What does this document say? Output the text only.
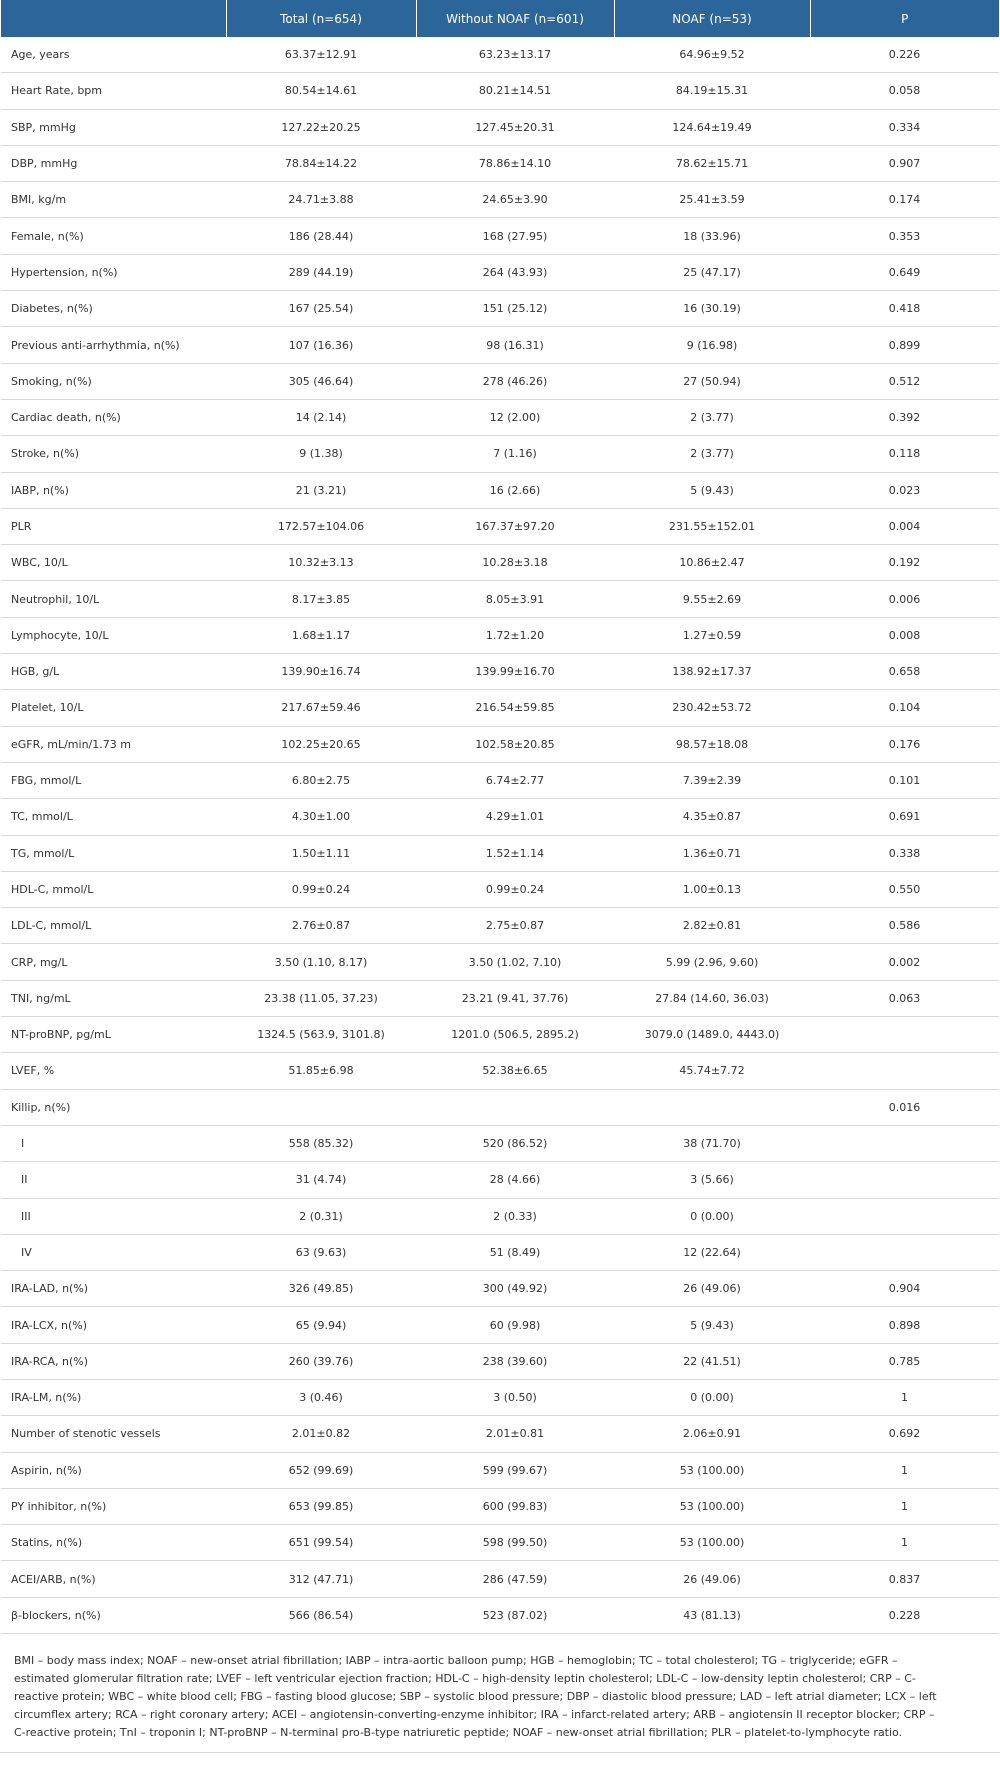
	Total (n=654)	Without NOAF (n=601)	NOAF (n=53)	P
Age, years	63.37±12.91	63.23±13.17	64.96±9.52	0.226
Heart Rate, bpm	80.54±14.61	80.21±14.51	84.19±15.31	0.058
SBP, mmHg	127.22±20.25	127.45±20.31	124.64±19.49	0.334
DBP, mmHg	78.84±14.22	78.86±14.10	78.62±15.71	0.907
BMI, kg/m	24.71±3.88	24.65±3.90	25.41±3.59	0.174
Female, n(%)	186 (28.44)	168 (27.95)	18 (33.96)	0.353
Hypertension, n(%)	289 (44.19)	264 (43.93)	25 (47.17)	0.649
Diabetes, n(%)	167 (25.54)	151 (25.12)	16 (30.19)	0.418
Previous anti-arrhythmia, n(%)	107 (16.36)	98 (16.31)	9 (16.98)	0.899
Smoking, n(%)	305 (46.64)	278 (46.26)	27 (50.94)	0.512
Cardiac death, n(%)	14 (2.14)	12 (2.00)	2 (3.77)	0.392
Stroke, n(%)	9 (1.38)	7 (1.16)	2 (3.77)	0.118
IABP, n(%)	21 (3.21)	16 (2.66)	5 (9.43)	0.023
PLR	172.57±104.06	167.37±97.20	231.55±152.01	0.004
WBC, 10/L	10.32±3.13	10.28±3.18	10.86±2.47	0.192
Neutrophil, 10/L	8.17±3.85	8.05±3.91	9.55±2.69	0.006
Lymphocyte, 10/L	1.68±1.17	1.72±1.20	1.27±0.59	0.008
HGB, g/L	139.90±16.74	139.99±16.70	138.92±17.37	0.658
Platelet, 10/L	217.67±59.46	216.54±59.85	230.42±53.72	0.104
eGFR, mL/min/1.73 m	102.25±20.65	102.58±20.85	98.57±18.08	0.176
FBG, mmol/L	6.80±2.75	6.74±2.77	7.39±2.39	0.101
TC, mmol/L	4.30±1.00	4.29±1.01	4.35±0.87	0.691
TG, mmol/L	1.50±1.11	1.52±1.14	1.36±0.71	0.338
HDL-C, mmol/L	0.99±0.24	0.99±0.24	1.00±0.13	0.550
LDL-C, mmol/L	2.76±0.87	2.75±0.87	2.82±0.81	0.586
CRP, mg/L	3.50 (1.10, 8.17)	3.50 (1.02, 7.10)	5.99 (2.96, 9.60)	0.002
TNI, ng/mL	23.38 (11.05, 37.23)	23.21 (9.41, 37.76)	27.84 (14.60, 36.03)	0.063
NT-proBNP, pg/mL	1324.5 (563.9, 3101.8)	1201.0 (506.5, 2895.2)	3079.0 (1489.0, 4443.0)	
LVEF, %	51.85±6.98	52.38±6.65	45.74±7.72	
Killip, n(%)				0.016
I	558 (85.32)	520 (86.52)	38 (71.70)	
II	31 (4.74)	28 (4.66)	3 (5.66)	
III	2 (0.31)	2 (0.33)	0 (0.00)	
IV	63 (9.63)	51 (8.49)	12 (22.64)	
IRA-LAD, n(%)	326 (49.85)	300 (49.92)	26 (49.06)	0.904
IRA-LCX, n(%)	65 (9.94)	60 (9.98)	5 (9.43)	0.898
IRA-RCA, n(%)	260 (39.76)	238 (39.60)	22 (41.51)	0.785
IRA-LM, n(%)	3 (0.46)	3 (0.50)	0 (0.00)	1
Number of stenotic vessels	2.01±0.82	2.01±0.81	2.06±0.91	0.692
Aspirin, n(%)	652 (99.69)	599 (99.67)	53 (100.00)	1
PY inhibitor, n(%)	653 (99.85)	600 (99.83)	53 (100.00)	1
Statins, n(%)	651 (99.54)	598 (99.50)	53 (100.00)	1
ACEI/ARB, n(%)	312 (47.71)	286 (47.59)	26 (49.06)	0.837
β-blockers, n(%)	566 (86.54)	523 (87.02)	43 (81.13)	0.228
BMI – body mass index; NOAF – new-onset atrial fibrillation; IABP – intra-aortic balloon pump; HGB – hemoglobin; TC – total cholesterol; TG – triglyceride; eGFR –
estimated glomerular filtration rate; LVEF – left ventricular ejection fraction; HDL-C – high-density leptin cholesterol; LDL-C – low-density leptin cholesterol; CRP – C-
reactive protein; WBC – white blood cell; FBG – fasting blood glucose; SBP – systolic blood pressure; DBP – diastolic blood pressure; LAD – left atrial diameter; LCX – left
circumflex artery; RCA – right coronary artery; ACEI – angiotensin-converting-enzyme inhibitor; IRA – infarct-related artery; ARB – angiotensin II receptor blocker; CRP –
C-reactive protein; TnI – troponin I; NT-proBNP – N-terminal pro-B-type natriuretic peptide; NOAF – new-onset atrial fibrillation; PLR – platelet-to-lymphocyte ratio.
